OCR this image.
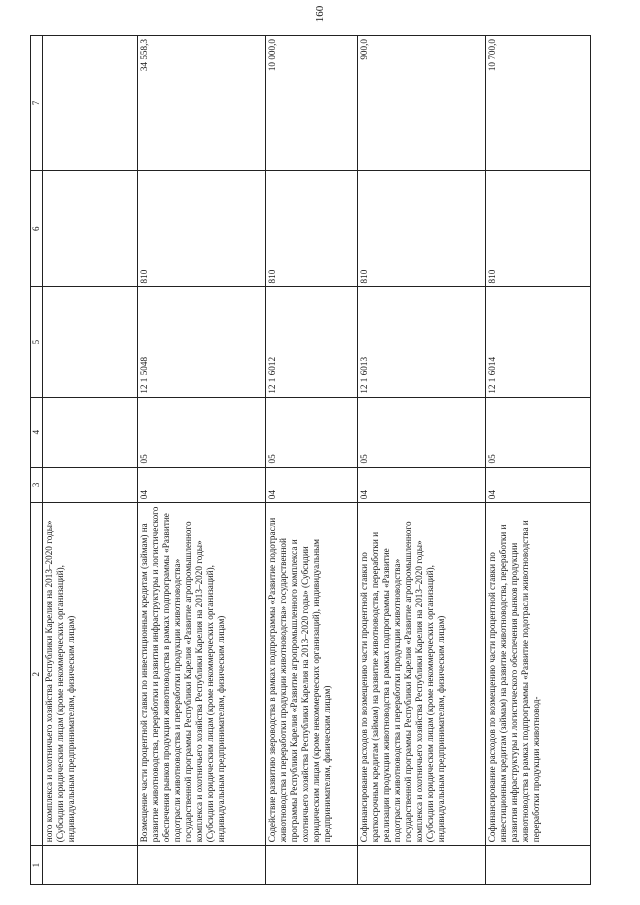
160
1	2	3	4	5	6	7
	ного комплекса и охотничьего хозяйства Республики Карелия на 2013–2020 годы» (Субсидии юридическим лицам (кроме некоммерческих организаций), индивидуальным предпринимателям, физическим лицам)					
	Возмещение части процентной ставки по инвестиционным кредитам (займам) на развитие животноводства, переработки и развития инфраструктуры и логистического обеспечения рынков продукции животноводства в рамках подпрограммы «Развитие подотрасли животноводства и переработки продукции животноводства» государственной программы Республики Карелия «Развитие агропромышленного комплекса и охотничьего хозяйства Республики Карелия на 2013–2020 годы» (Субсидии юридическим лицам (кроме некоммерческих организаций), индивидуальным предпринимателям, физическим лицам)	04	05	12 1 5048	810	34 558,3
	Содействие развитию звероводства в рамках подпрограммы «Развитие подотрасли животноводства и переработки продукции животноводства» государственной программы Республики Карелия «Развитие агропромышленного комплекса и охотничьего хозяйства Республики Карелия на 2013–2020 годы» (Субсидии юридическим лицам (кроме некоммерческих организаций), индивидуальным предпринимателям, физическим лицам)	04	05	12 1 6012	810	10 000,0
	Софинансирование расходов по возмещению части процентной ставки по краткосрочным кредитам (займам) на развитие животноводства, переработки и реализации продукции животноводства в рамках подпрограммы «Развитие подотрасли животноводства и переработки продукции животноводства» государственной программы Республики Карелия «Развитие агропромышленного комплекса и охотничьего хозяйства Республики Карелия на 2013–2020 годы» (Субсидии юридическим лицам (кроме некоммерческих организаций), индивидуальным предпринимателям, физическим лицам)	04	05	12 1 6013	810	900,0
	Софинансирование расходов по возмещению части процентной ставки по инвестиционным кредитам (займам) на развитие животноводства, переработки и развития инфраструктуры и логистического обеспечения рынков продукции животноводства в рамках подпрограммы «Развитие подотрасли животноводства и переработки продукции животновод-	04	05	12 1 6014	810	10 700,0
